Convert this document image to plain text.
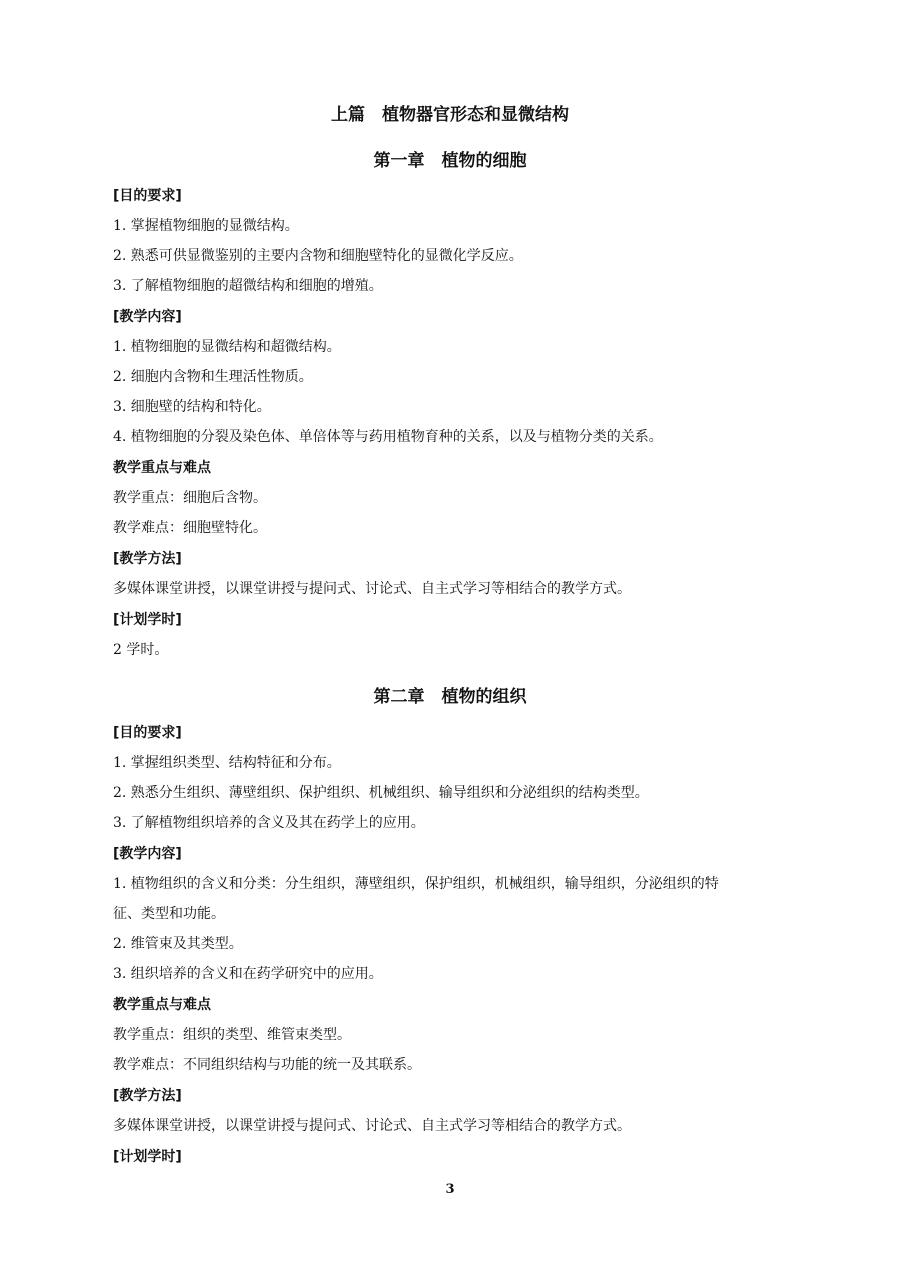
上篇　植物器官形态和显微结构
第一章　植物的细胞
[目的要求]
1. 掌握植物细胞的显微结构。
2. 熟悉可供显微鉴别的主要内含物和细胞壁特化的显微化学反应。
3. 了解植物细胞的超微结构和细胞的增殖。
[教学内容]
1. 植物细胞的显微结构和超微结构。
2. 细胞内含物和生理活性物质。
3. 细胞壁的结构和特化。
4. 植物细胞的分裂及染色体、单倍体等与药用植物育种的关系，以及与植物分类的关系。
教学重点与难点
教学重点：细胞后含物。
教学难点：细胞壁特化。
[教学方法]
多媒体课堂讲授，以课堂讲授与提问式、讨论式、自主式学习等相结合的教学方式。
[计划学时]
2 学时。
第二章　植物的组织
[目的要求]
1. 掌握组织类型、结构特征和分布。
2. 熟悉分生组织、薄壁组织、保护组织、机械组织、输导组织和分泌组织的结构类型。
3. 了解植物组织培养的含义及其在药学上的应用。
[教学内容]
1. 植物组织的含义和分类：分生组织，薄壁组织，保护组织，机械组织，输导组织，分泌组织的特
征、类型和功能。
2. 维管束及其类型。
3. 组织培养的含义和在药学研究中的应用。
教学重点与难点
教学重点：组织的类型、维管束类型。
教学难点：不同组织结构与功能的统一及其联系。
[教学方法]
多媒体课堂讲授，以课堂讲授与提问式、讨论式、自主式学习等相结合的教学方式。
[计划学时]
3
